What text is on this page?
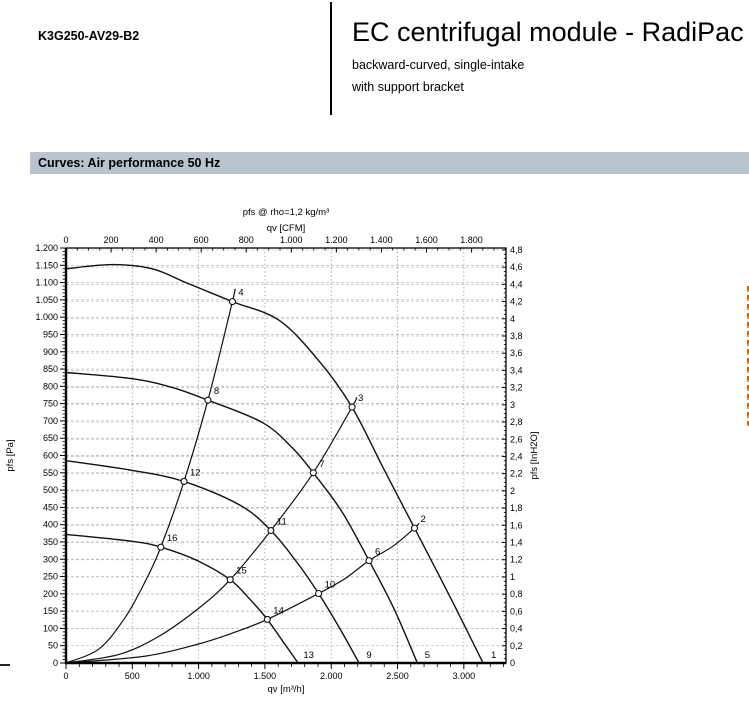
K3G250-AV29-B2	EC centrifugal module - RadiPac
backward-curved, single-intake
with support bracket
Curves: Air performance 50 Hz
4
8
12
16
3
7
11
15
2
6
10
14
13	9	5	1
0
50
100
150
200
250
300
350
400
450
500
550
600
650
700
750
800
850
900
950
1.000
1.050
1.100
1.150
1.200
0	500	1.000	1.500	2.000	2.500	3.000
0	200	400	600	800	1.000	1.200	1.400	1.600	1.800
0
0,2
0,4
0,6
0,8
1
1,2
1,4
1,6
1,8
2
2,2
2,4
2,6
2,8
3
3,2
3,4
3,6
3,8
4
4,2
4,4
4,6
4,8
pfs @ rho=1,2 kg/m³
qv [CFM]
qv [m³/h]
pfs [Pa]	pfs [InH2O]
